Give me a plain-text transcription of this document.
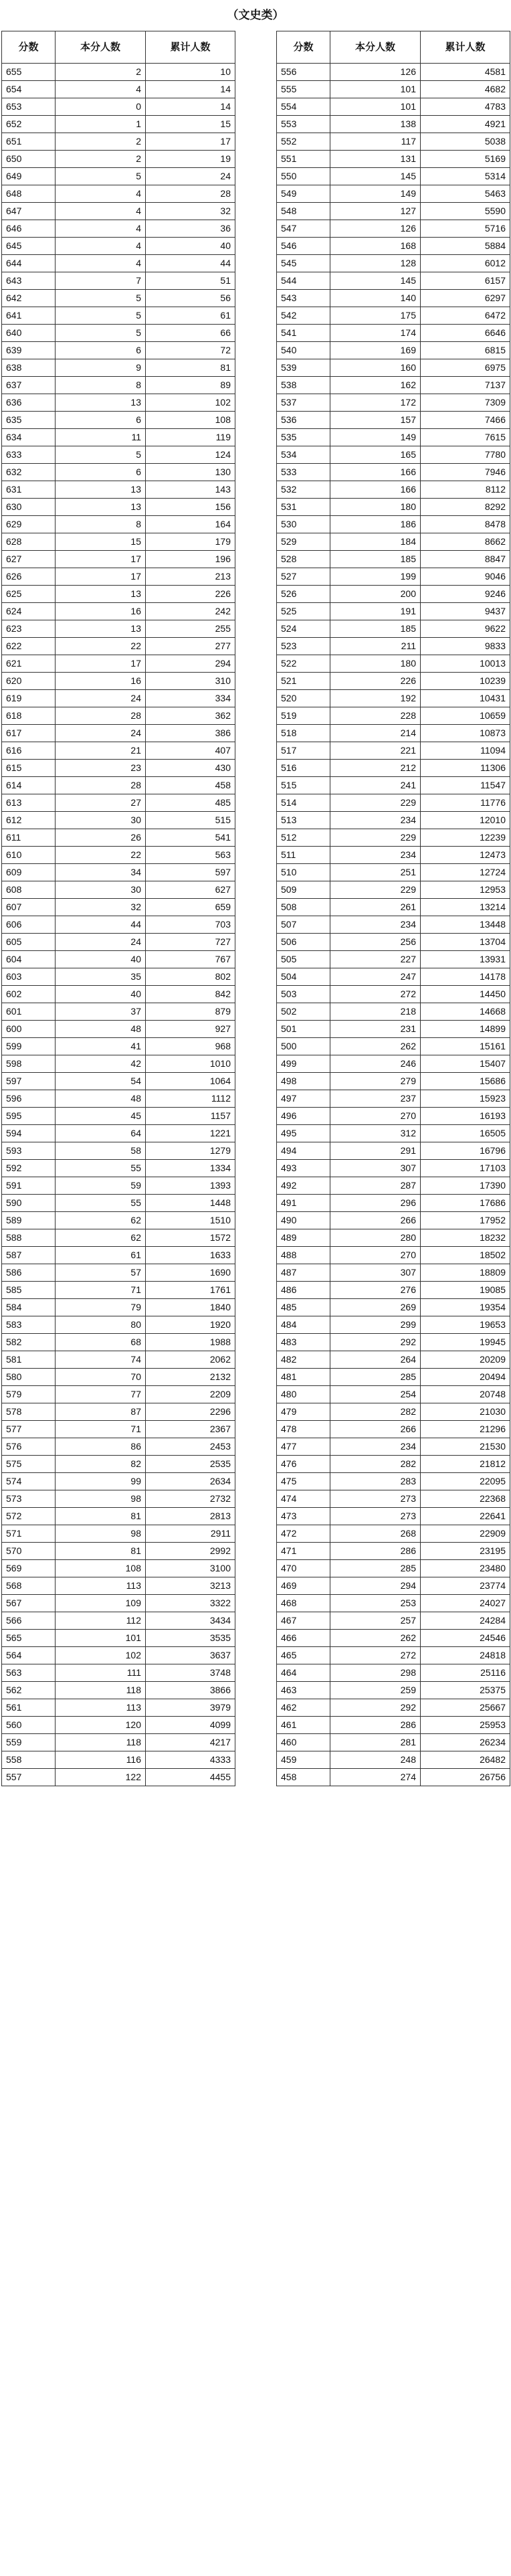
（文史类）
分数	本分人数	累计人数
655	2	10
654	4	14
653	0	14
652	1	15
651	2	17
650	2	19
649	5	24
648	4	28
647	4	32
646	4	36
645	4	40
644	4	44
643	7	51
642	5	56
641	5	61
640	5	66
639	6	72
638	9	81
637	8	89
636	13	102
635	6	108
634	11	119
633	5	124
632	6	130
631	13	143
630	13	156
629	8	164
628	15	179
627	17	196
626	17	213
625	13	226
624	16	242
623	13	255
622	22	277
621	17	294
620	16	310
619	24	334
618	28	362
617	24	386
616	21	407
615	23	430
614	28	458
613	27	485
612	30	515
611	26	541
610	22	563
609	34	597
608	30	627
607	32	659
606	44	703
605	24	727
604	40	767
603	35	802
602	40	842
601	37	879
600	48	927
599	41	968
598	42	1010
597	54	1064
596	48	1112
595	45	1157
594	64	1221
593	58	1279
592	55	1334
591	59	1393
590	55	1448
589	62	1510
588	62	1572
587	61	1633
586	57	1690
585	71	1761
584	79	1840
583	80	1920
582	68	1988
581	74	2062
580	70	2132
579	77	2209
578	87	2296
577	71	2367
576	86	2453
575	82	2535
574	99	2634
573	98	2732
572	81	2813
571	98	2911
570	81	2992
569	108	3100
568	113	3213
567	109	3322
566	112	3434
565	101	3535
564	102	3637
563	111	3748
562	118	3866
561	113	3979
560	120	4099
559	118	4217
558	116	4333
557	122	4455
分数	本分人数	累计人数
556	126	4581
555	101	4682
554	101	4783
553	138	4921
552	117	5038
551	131	5169
550	145	5314
549	149	5463
548	127	5590
547	126	5716
546	168	5884
545	128	6012
544	145	6157
543	140	6297
542	175	6472
541	174	6646
540	169	6815
539	160	6975
538	162	7137
537	172	7309
536	157	7466
535	149	7615
534	165	7780
533	166	7946
532	166	8112
531	180	8292
530	186	8478
529	184	8662
528	185	8847
527	199	9046
526	200	9246
525	191	9437
524	185	9622
523	211	9833
522	180	10013
521	226	10239
520	192	10431
519	228	10659
518	214	10873
517	221	11094
516	212	11306
515	241	11547
514	229	11776
513	234	12010
512	229	12239
511	234	12473
510	251	12724
509	229	12953
508	261	13214
507	234	13448
506	256	13704
505	227	13931
504	247	14178
503	272	14450
502	218	14668
501	231	14899
500	262	15161
499	246	15407
498	279	15686
497	237	15923
496	270	16193
495	312	16505
494	291	16796
493	307	17103
492	287	17390
491	296	17686
490	266	17952
489	280	18232
488	270	18502
487	307	18809
486	276	19085
485	269	19354
484	299	19653
483	292	19945
482	264	20209
481	285	20494
480	254	20748
479	282	21030
478	266	21296
477	234	21530
476	282	21812
475	283	22095
474	273	22368
473	273	22641
472	268	22909
471	286	23195
470	285	23480
469	294	23774
468	253	24027
467	257	24284
466	262	24546
465	272	24818
464	298	25116
463	259	25375
462	292	25667
461	286	25953
460	281	26234
459	248	26482
458	274	26756
